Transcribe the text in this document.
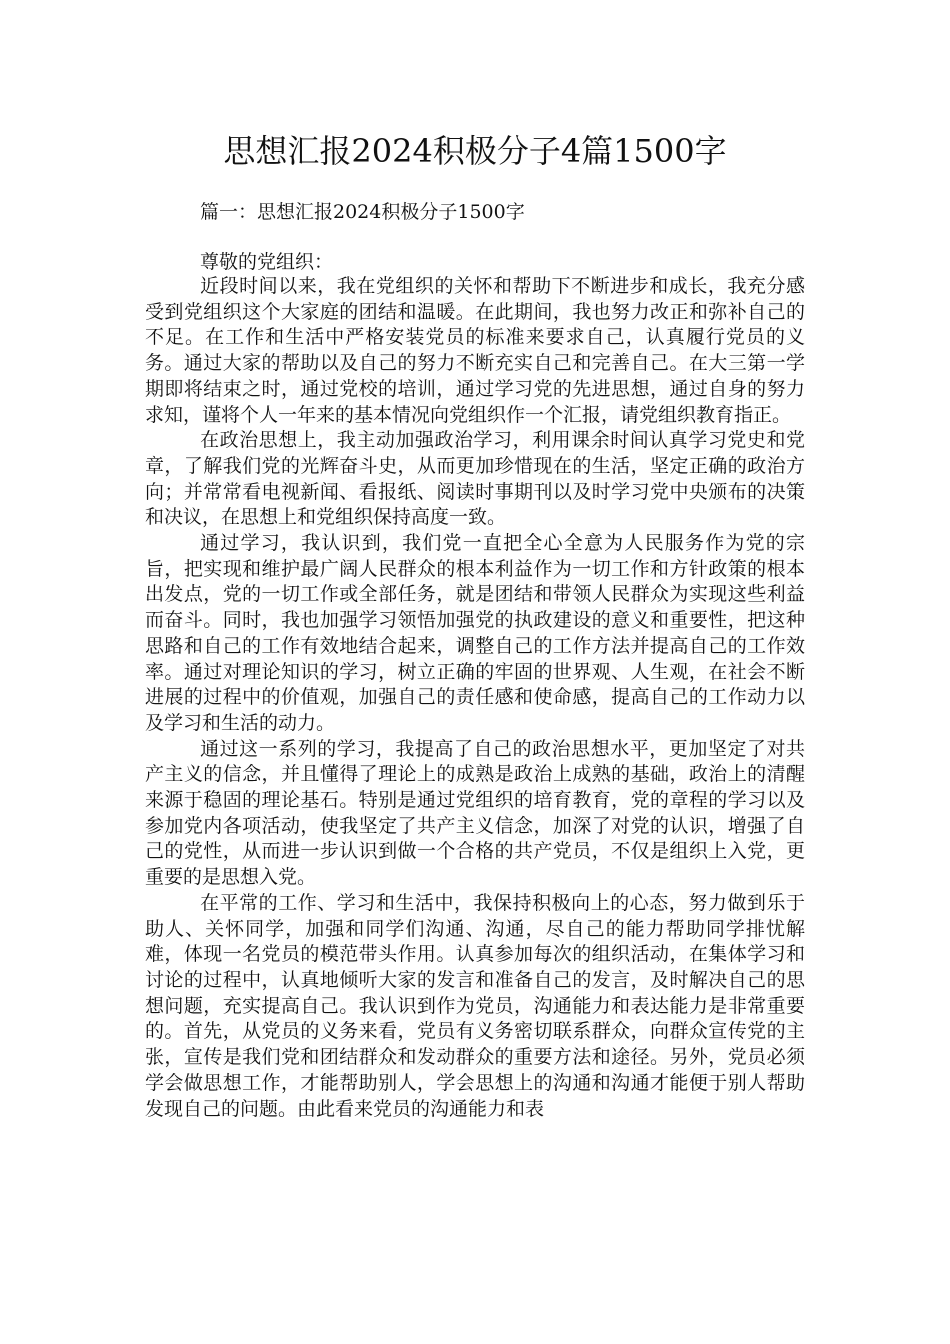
思想汇报2024积极分子4篇1500字

篇一：思想汇报2024积极分子1500字

尊敬的党组织：

近段时间以来，我在党组织的关怀和帮助下不断进步和成长，我充分感受到党组织这个大家庭的团结和温暖。在此期间，我也努力改正和弥补自己的不足。在工作和生活中严格安装党员的标准来要求自己，认真履行党员的义务。通过大家的帮助以及自己的努力不断充实自己和完善自己。在大三第一学期即将结束之时，通过党校的培训，通过学习党的先进思想，通过自身的努力求知，谨将个人一年来的基本情况向党组织作一个汇报，请党组织教育指正。

在政治思想上，我主动加强政治学习，利用课余时间认真学习党史和党章，了解我们党的光辉奋斗史，从而更加珍惜现在的生活，坚定正确的政治方向；并常常看电视新闻、看报纸、阅读时事期刊以及时学习党中央颁布的决策和决议，在思想上和党组织保持高度一致。

通过学习，我认识到，我们党一直把全心全意为人民服务作为党的宗旨，把实现和维护最广阔人民群众的根本利益作为一切工作和方针政策的根本出发点，党的一切工作或全部任务，就是团结和带领人民群众为实现这些利益而奋斗。同时，我也加强学习领悟加强党的执政建设的意义和重要性，把这种思路和自己的工作有效地结合起来，调整自己的工作方法并提高自己的工作效率。通过对理论知识的学习，树立正确的牢固的世界观、人生观，在社会不断进展的过程中的价值观，加强自己的责任感和使命感，提高自己的工作动力以及学习和生活的动力。

通过这一系列的学习，我提高了自己的政治思想水平，更加坚定了对共产主义的信念，并且懂得了理论上的成熟是政治上成熟的基础，政治上的清醒来源于稳固的理论基石。特别是通过党组织的培育教育，党的章程的学习以及参加党内各项活动，使我坚定了共产主义信念，加深了对党的认识，增强了自己的党性，从而进一步认识到做一个合格的共产党员，不仅是组织上入党，更重要的是思想入党。

在平常的工作、学习和生活中，我保持积极向上的心态，努力做到乐于助人、关怀同学，加强和同学们沟通、沟通，尽自己的能力帮助同学排忧解难，体现一名党员的模范带头作用。认真参加每次的组织活动，在集体学习和讨论的过程中，认真地倾听大家的发言和准备自己的发言，及时解决自己的思想问题，充实提高自己。我认识到作为党员，沟通能力和表达能力是非常重要的。首先，从党员的义务来看，党员有义务密切联系群众，向群众宣传党的主张，宣传是我们党和团结群众和发动群众的重要方法和途径。另外，党员必须学会做思想工作，才能帮助别人，学会思想上的沟通和沟通才能便于别人帮助发现自己的问题。由此看来党员的沟通能力和表
